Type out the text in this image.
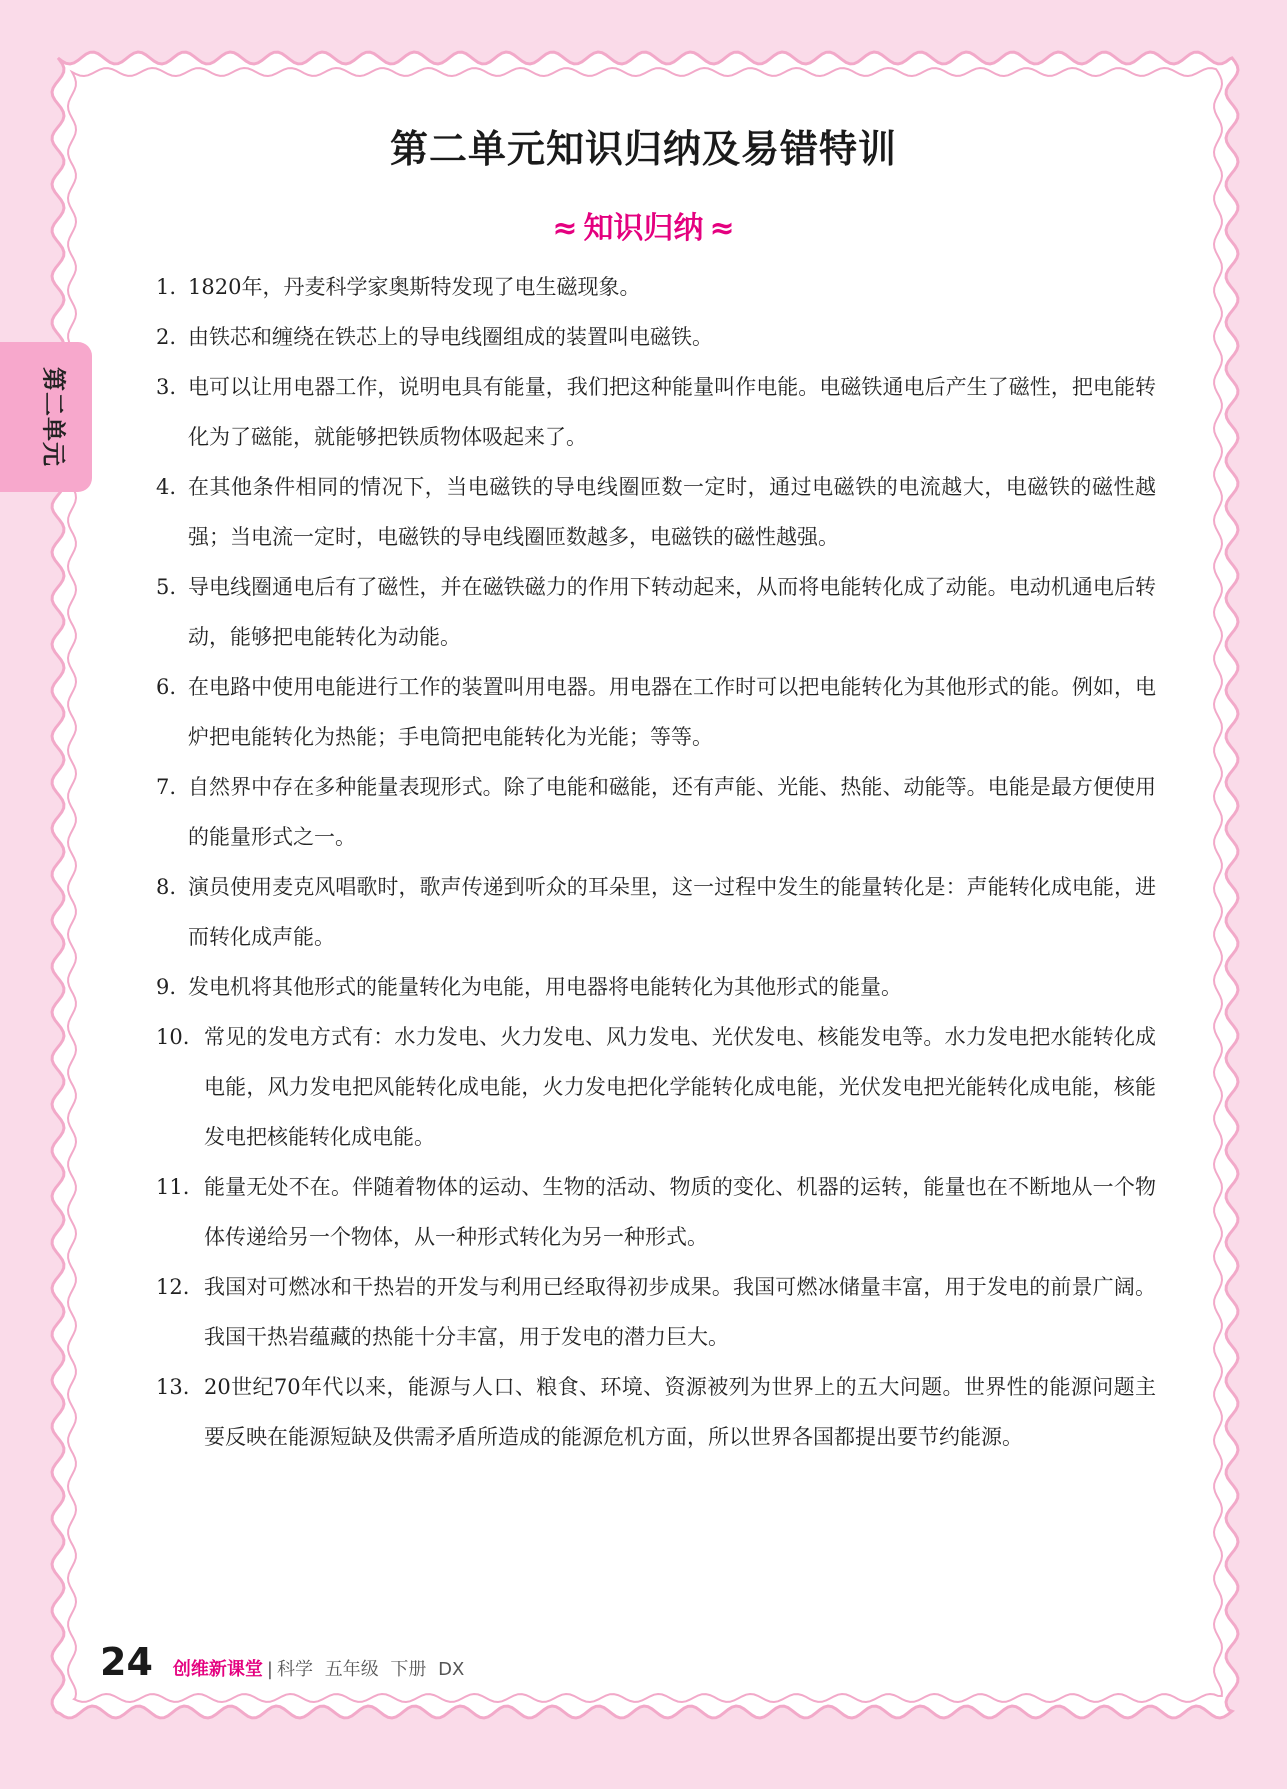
第二单元知识归纳及易错特训
≈ 知识归纳 ≈
第二单元
1. 1820年，丹麦科学家奥斯特发现了电生磁现象。
2. 由铁芯和缠绕在铁芯上的导电线圈组成的装置叫电磁铁。
3. 电可以让用电器工作，说明电具有能量，我们把这种能量叫作电能。电磁铁通电后产生了磁性，把电能转化为了磁能，就能够把铁质物体吸起来了。
4. 在其他条件相同的情况下，当电磁铁的导电线圈匝数一定时，通过电磁铁的电流越大，电磁铁的磁性越强；当电流一定时，电磁铁的导电线圈匝数越多，电磁铁的磁性越强。
5. 导电线圈通电后有了磁性，并在磁铁磁力的作用下转动起来，从而将电能转化成了动能。电动机通电后转动，能够把电能转化为动能。
6. 在电路中使用电能进行工作的装置叫用电器。用电器在工作时可以把电能转化为其他形式的能。例如，电炉把电能转化为热能；手电筒把电能转化为光能；等等。
7. 自然界中存在多种能量表现形式。除了电能和磁能，还有声能、光能、热能、动能等。电能是最方便使用的能量形式之一。
8. 演员使用麦克风唱歌时，歌声传递到听众的耳朵里，这一过程中发生的能量转化是：声能转化成电能，进而转化成声能。
9. 发电机将其他形式的能量转化为电能，用电器将电能转化为其他形式的能量。
10. 常见的发电方式有：水力发电、火力发电、风力发电、光伏发电、核能发电等。水力发电把水能转化成电能，风力发电把风能转化成电能，火力发电把化学能转化成电能，光伏发电把光能转化成电能，核能发电把核能转化成电能。
11. 能量无处不在。伴随着物体的运动、生物的活动、物质的变化、机器的运转，能量也在不断地从一个物体传递给另一个物体，从一种形式转化为另一种形式。
12. 我国对可燃冰和干热岩的开发与利用已经取得初步成果。我国可燃冰储量丰富，用于发电的前景广阔。我国干热岩蕴藏的热能十分丰富，用于发电的潜力巨大。
13. 20世纪70年代以来，能源与人口、粮食、环境、资源被列为世界上的五大问题。世界性的能源问题主要反映在能源短缺及供需矛盾所造成的能源危机方面，所以世界各国都提出要节约能源。
24 创维新课堂 | 科学 五年级 下册 DX
